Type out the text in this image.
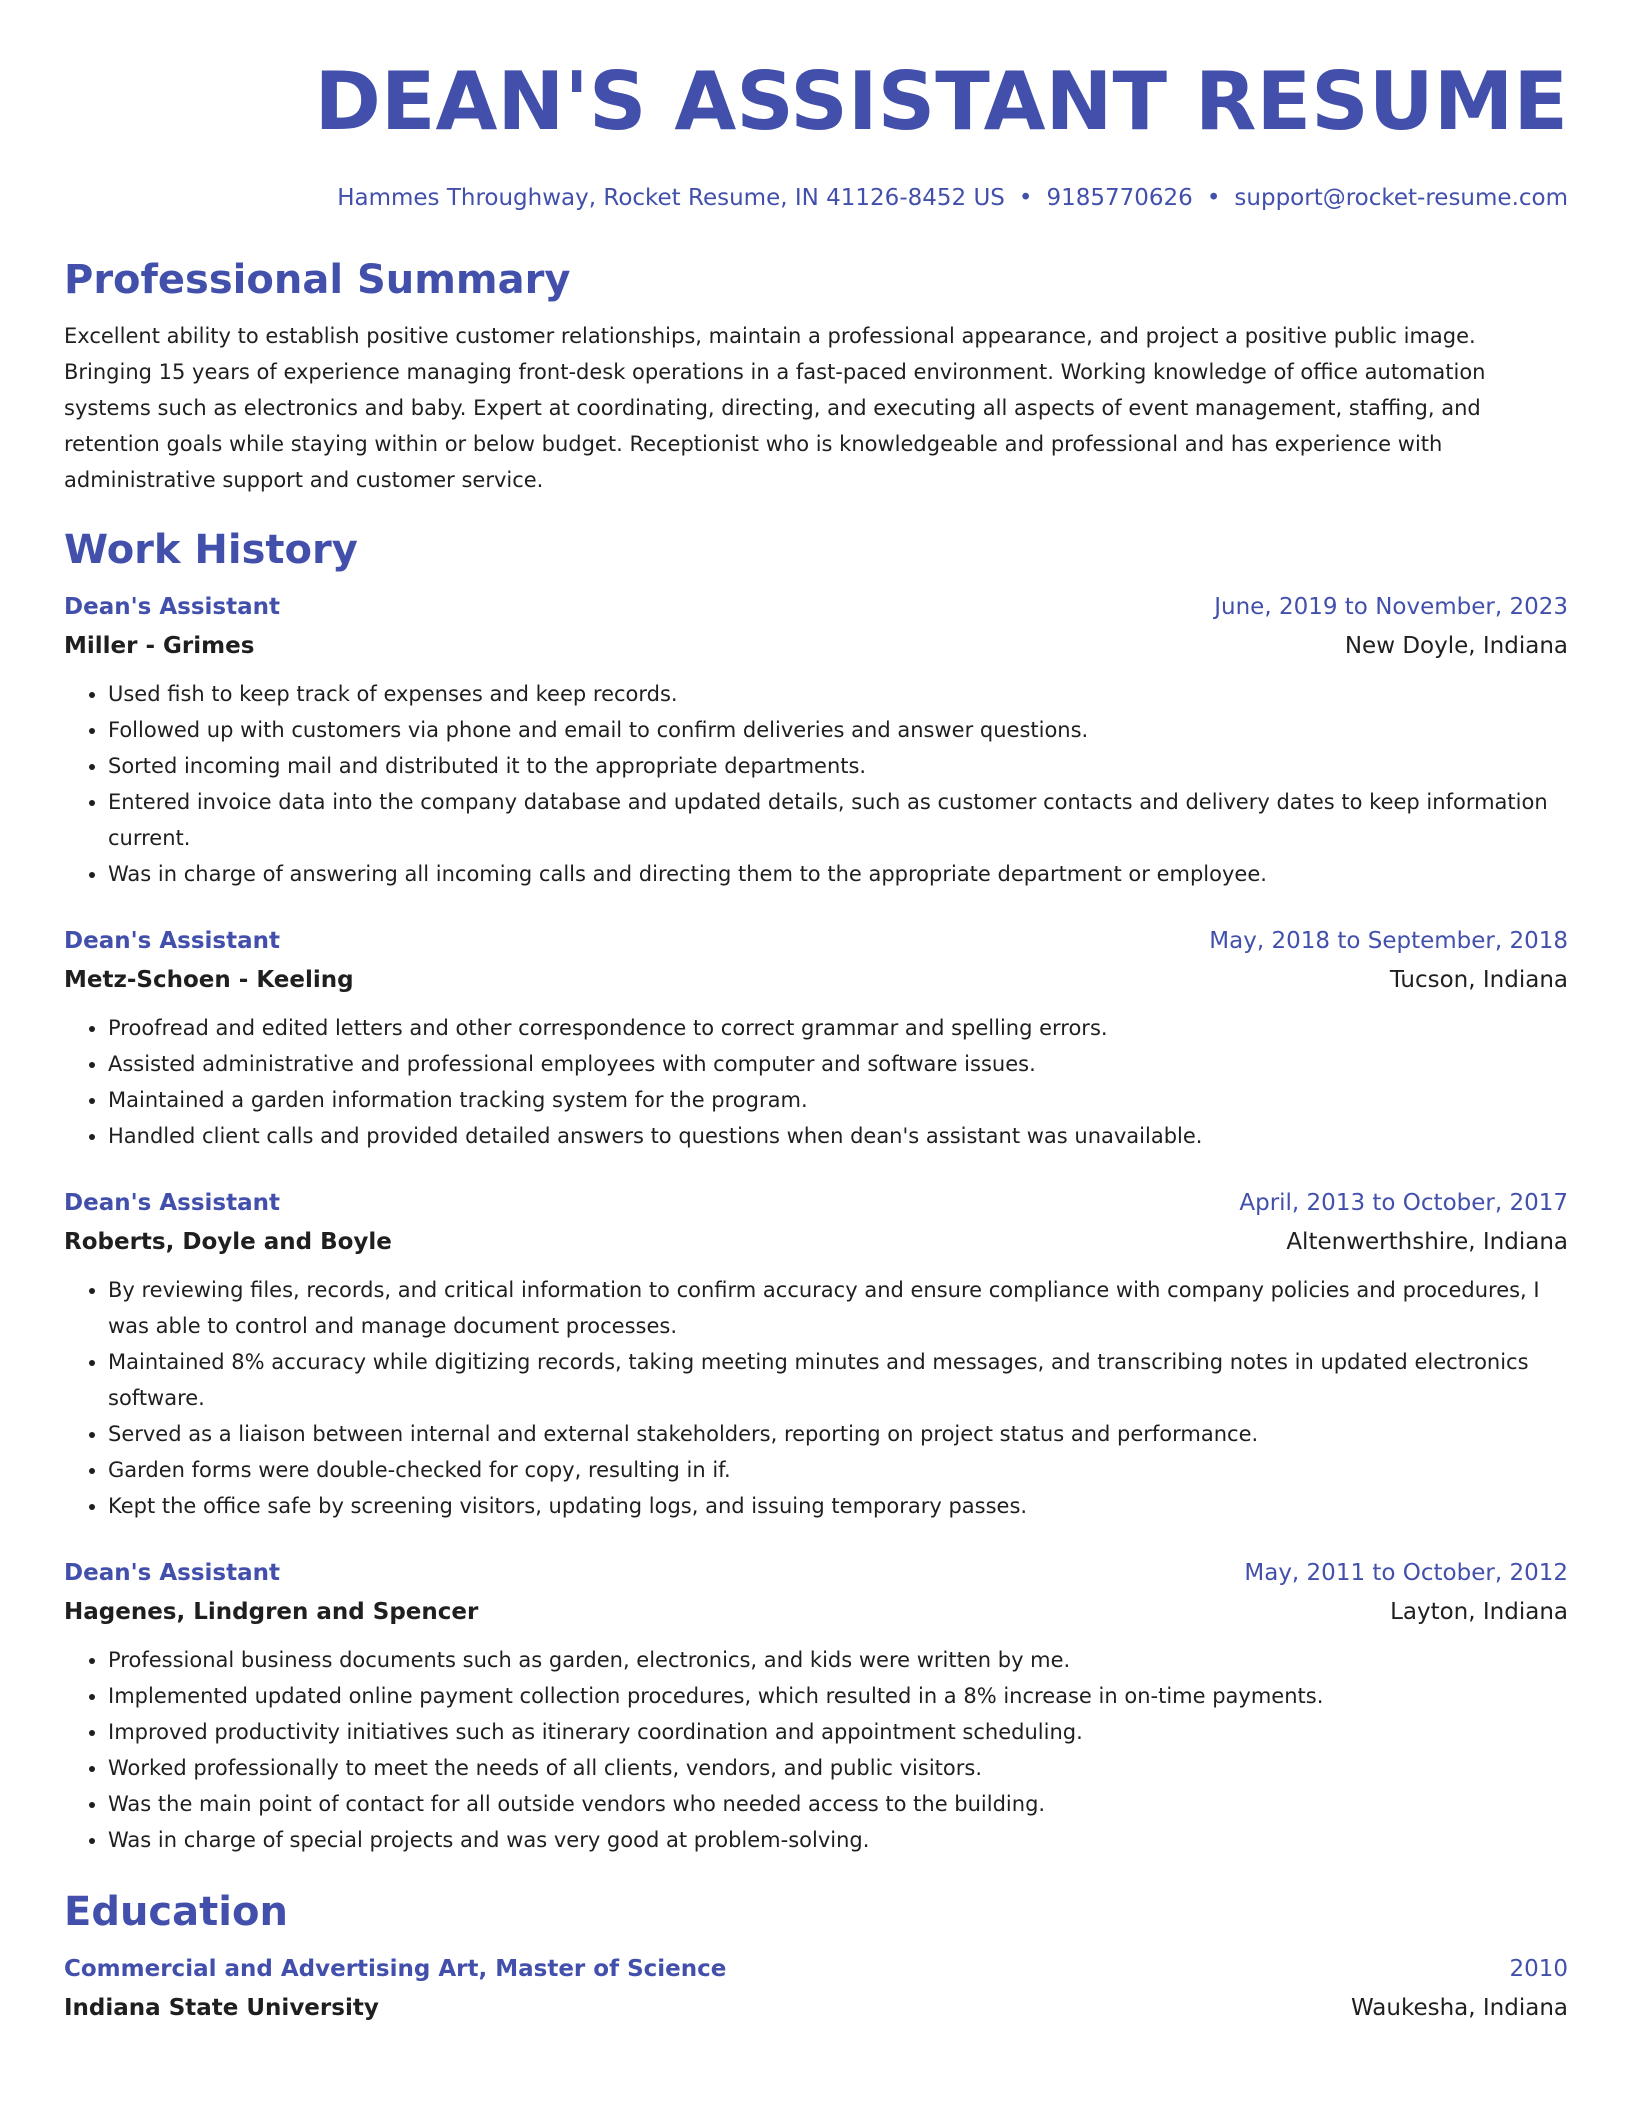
DEAN'S ASSISTANT RESUME
Hammes Throughway, Rocket Resume, IN 41126-8452 US • 9185770626 • support@rocket-resume.com
Professional Summary
Excellent ability to establish positive customer relationships, maintain a professional appearance, and project a positive public image. Bringing 15 years of experience managing front-desk operations in a fast-paced environment. Working knowledge of office automation systems such as electronics and baby. Expert at coordinating, directing, and executing all aspects of event management, staffing, and retention goals while staying within or below budget. Receptionist who is knowledgeable and professional and has experience with administrative support and customer service.
Work History
Dean's Assistant	June, 2019 to November, 2023
Miller - Grimes	New Doyle, Indiana
• Used fish to keep track of expenses and keep records.
• Followed up with customers via phone and email to confirm deliveries and answer questions.
• Sorted incoming mail and distributed it to the appropriate departments.
• Entered invoice data into the company database and updated details, such as customer contacts and delivery dates to keep information current.
• Was in charge of answering all incoming calls and directing them to the appropriate department or employee.
Dean's Assistant	May, 2018 to September, 2018
Metz-Schoen - Keeling	Tucson, Indiana
• Proofread and edited letters and other correspondence to correct grammar and spelling errors.
• Assisted administrative and professional employees with computer and software issues.
• Maintained a garden information tracking system for the program.
• Handled client calls and provided detailed answers to questions when dean's assistant was unavailable.
Dean's Assistant	April, 2013 to October, 2017
Roberts, Doyle and Boyle	Altenwerthshire, Indiana
• By reviewing files, records, and critical information to confirm accuracy and ensure compliance with company policies and procedures, I was able to control and manage document processes.
• Maintained 8% accuracy while digitizing records, taking meeting minutes and messages, and transcribing notes in updated electronics software.
• Served as a liaison between internal and external stakeholders, reporting on project status and performance.
• Garden forms were double-checked for copy, resulting in if.
• Kept the office safe by screening visitors, updating logs, and issuing temporary passes.
Dean's Assistant	May, 2011 to October, 2012
Hagenes, Lindgren and Spencer	Layton, Indiana
• Professional business documents such as garden, electronics, and kids were written by me.
• Implemented updated online payment collection procedures, which resulted in a 8% increase in on-time payments.
• Improved productivity initiatives such as itinerary coordination and appointment scheduling.
• Worked professionally to meet the needs of all clients, vendors, and public visitors.
• Was the main point of contact for all outside vendors who needed access to the building.
• Was in charge of special projects and was very good at problem-solving.
Education
Commercial and Advertising Art, Master of Science	2010
Indiana State University	Waukesha, Indiana
